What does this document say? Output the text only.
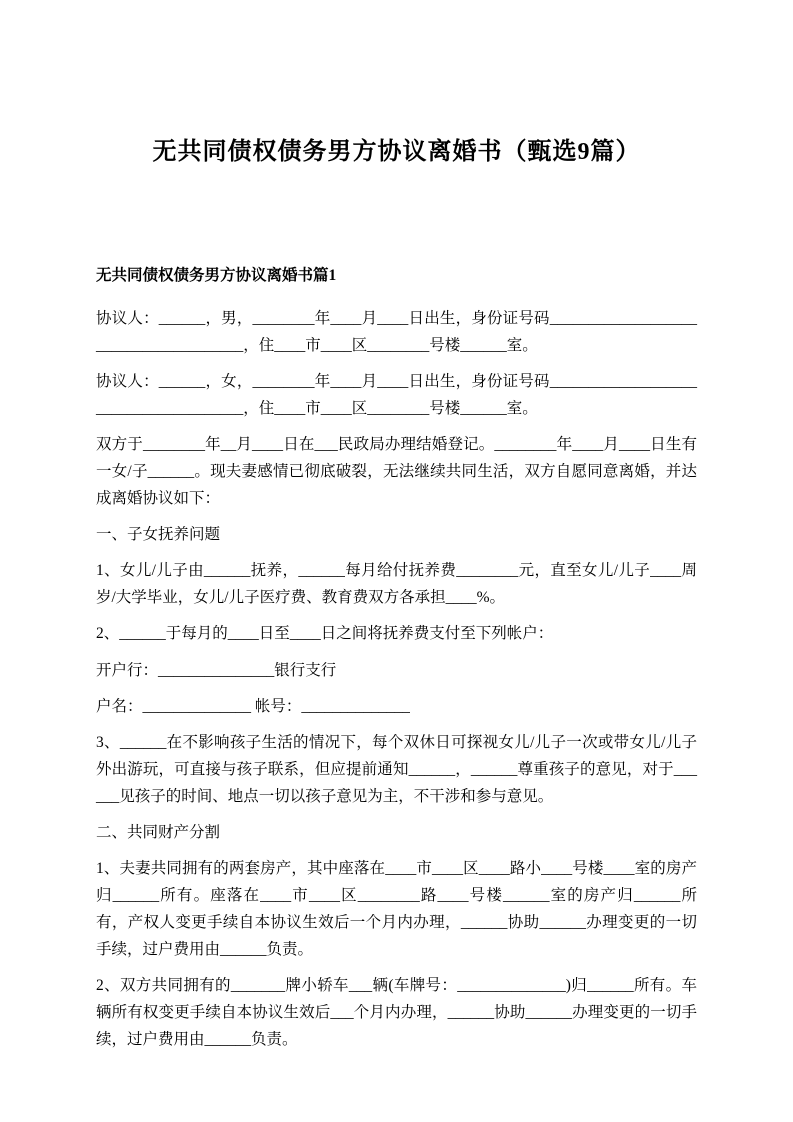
无共同债权债务男方协议离婚书（甄选9篇）

无共同债权债务男方协议离婚书篇1

协议人：______，男，________年____月____日出生，身份证号码______________________________________，住____市____区________号楼______室。

协议人：______，女，________年____月____日出生，身份证号码______________________________________，住____市____区________号楼______室。

双方于________年__月____日在___民政局办理结婚登记。________年____月____日生有一女/子______。现夫妻感情已彻底破裂，无法继续共同生活，双方自愿同意离婚，并达成离婚协议如下：

一、子女抚养问题

1、女儿/儿子由______抚养，______每月给付抚养费________元，直至女儿/儿子____周岁/大学毕业，女儿/儿子医疗费、教育费双方各承担____%。

2、______于每月的____日至____日之间将抚养费支付至下列帐户：

开户行：_______________银行支行

户名：______________ 帐号：______________

3、______在不影响孩子生活的情况下，每个双休日可探视女儿/儿子一次或带女儿/儿子外出游玩，可直接与孩子联系，但应提前通知______，______尊重孩子的意见，对于______见孩子的时间、地点一切以孩子意见为主，不干涉和参与意见。

二、共同财产分割

1、夫妻共同拥有的两套房产，其中座落在____市____区____路小____号楼____室的房产归______所有。座落在____市____区________路____号楼______室的房产归______所有，产权人变更手续自本协议生效后一个月内办理，______协助______办理变更的一切手续，过户费用由______负责。

2、双方共同拥有的_______牌小轿车___辆(车牌号：______________)归______所有。车辆所有权变更手续自本协议生效后___个月内办理，______协助______办理变更的一切手续，过户费用由______负责。
